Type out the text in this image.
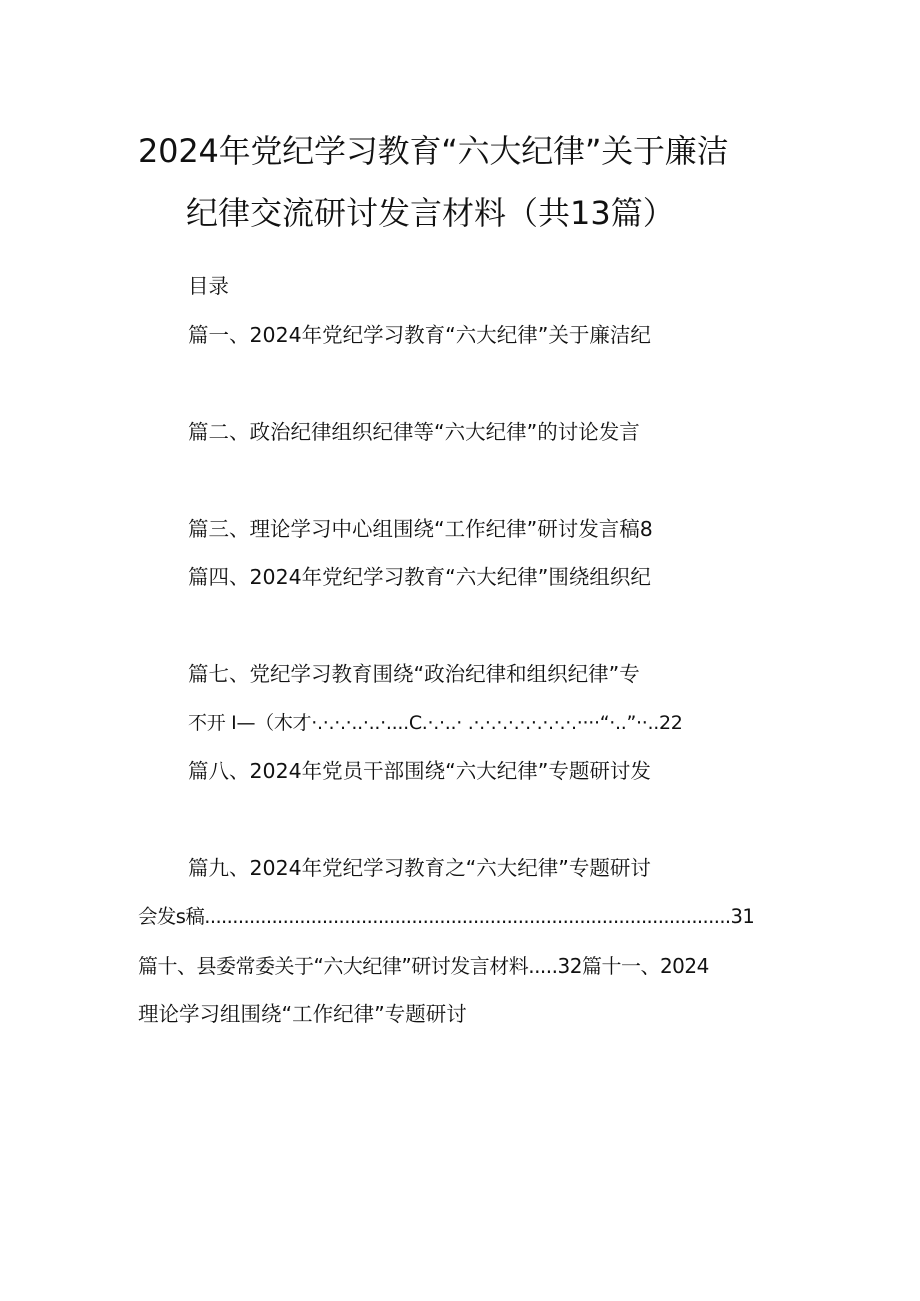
2024年党纪学习教育“六大纪律”关于廉洁
纪律交流研讨发言材料（共13篇）
目录
篇一、2024年党纪学习教育“六大纪律”关于廉洁纪
篇二、政治纪律组织纪律等“六大纪律”的讨论发言
篇三、理论学习中心组围绕“工作纪律”研讨发言稿8
篇四、2024年党纪学习教育“六大纪律”围绕组织纪
篇七、党纪学习教育围绕“政治纪律和组织纪律”专
不开 I—（木才·.·.·.·..·..·....C.·.·..· .·.·.·.·.·.·.·.·.·.····“·..”··..22
篇八、2024年党员干部围绕“六大纪律”专题研讨发
篇九、2024年党纪学习教育之“六大纪律”专题研讨
会发s稿..............................................................................................31
篇十、县委常委关于“六大纪律”研讨发言材料.....32篇十一、2024
理论学习组围绕“工作纪律”专题研讨
